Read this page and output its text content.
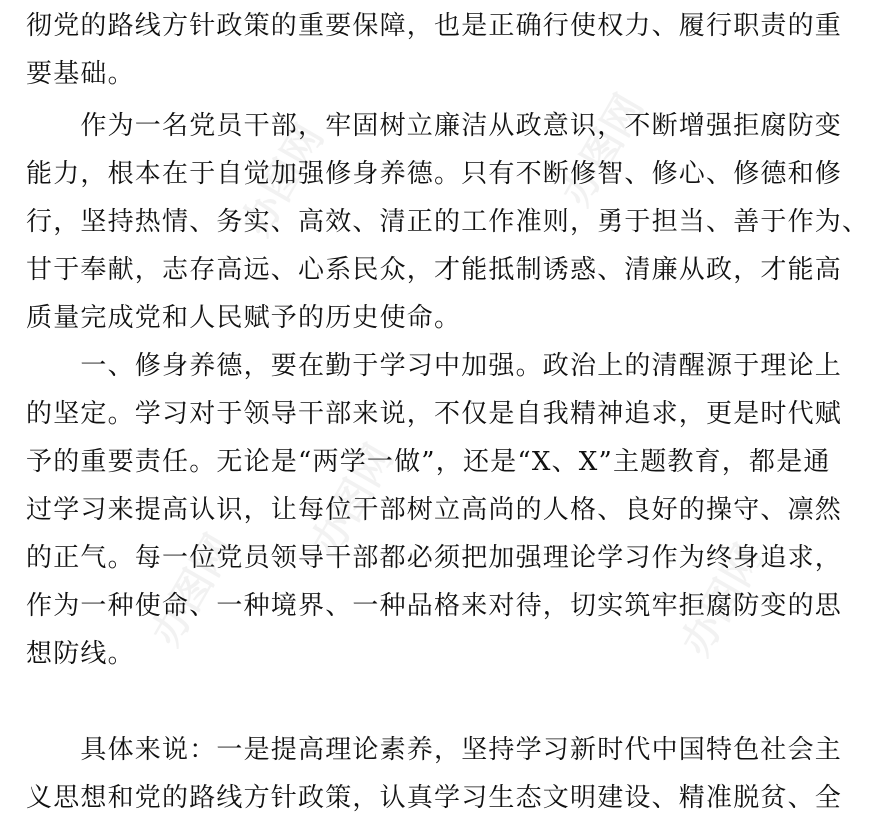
办图网	办图网
办图网
办图网	办图网
彻党的路线方针政策的重要保障，也是正确行使权力、履行职责的重
要基础。
　　作为一名党员干部，牢固树立廉洁从政意识，不断增强拒腐防变
能力，根本在于自觉加强修身养德。只有不断修智、修心、修德和修
行，坚持热情、务实、高效、清正的工作准则，勇于担当、善于作为、
甘于奉献，志存高远、心系民众，才能抵制诱惑、清廉从政，才能高
质量完成党和人民赋予的历史使命。
　　一、修身养德，要在勤于学习中加强。政治上的清醒源于理论上
的坚定。学习对于领导干部来说，不仅是自我精神追求，更是时代赋
予的重要责任。无论是“两学一做”，还是“X、X”主题教育，都是通
过学习来提高认识，让每位干部树立高尚的人格、良好的操守、凛然
的正气。每一位党员领导干部都必须把加强理论学习作为终身追求，
作为一种使命、一种境界、一种品格来对待，切实筑牢拒腐防变的思
想防线。
　　具体来说：一是提高理论素养，坚持学习新时代中国特色社会主
义思想和党的路线方针政策，认真学习生态文明建设、精准脱贫、全
